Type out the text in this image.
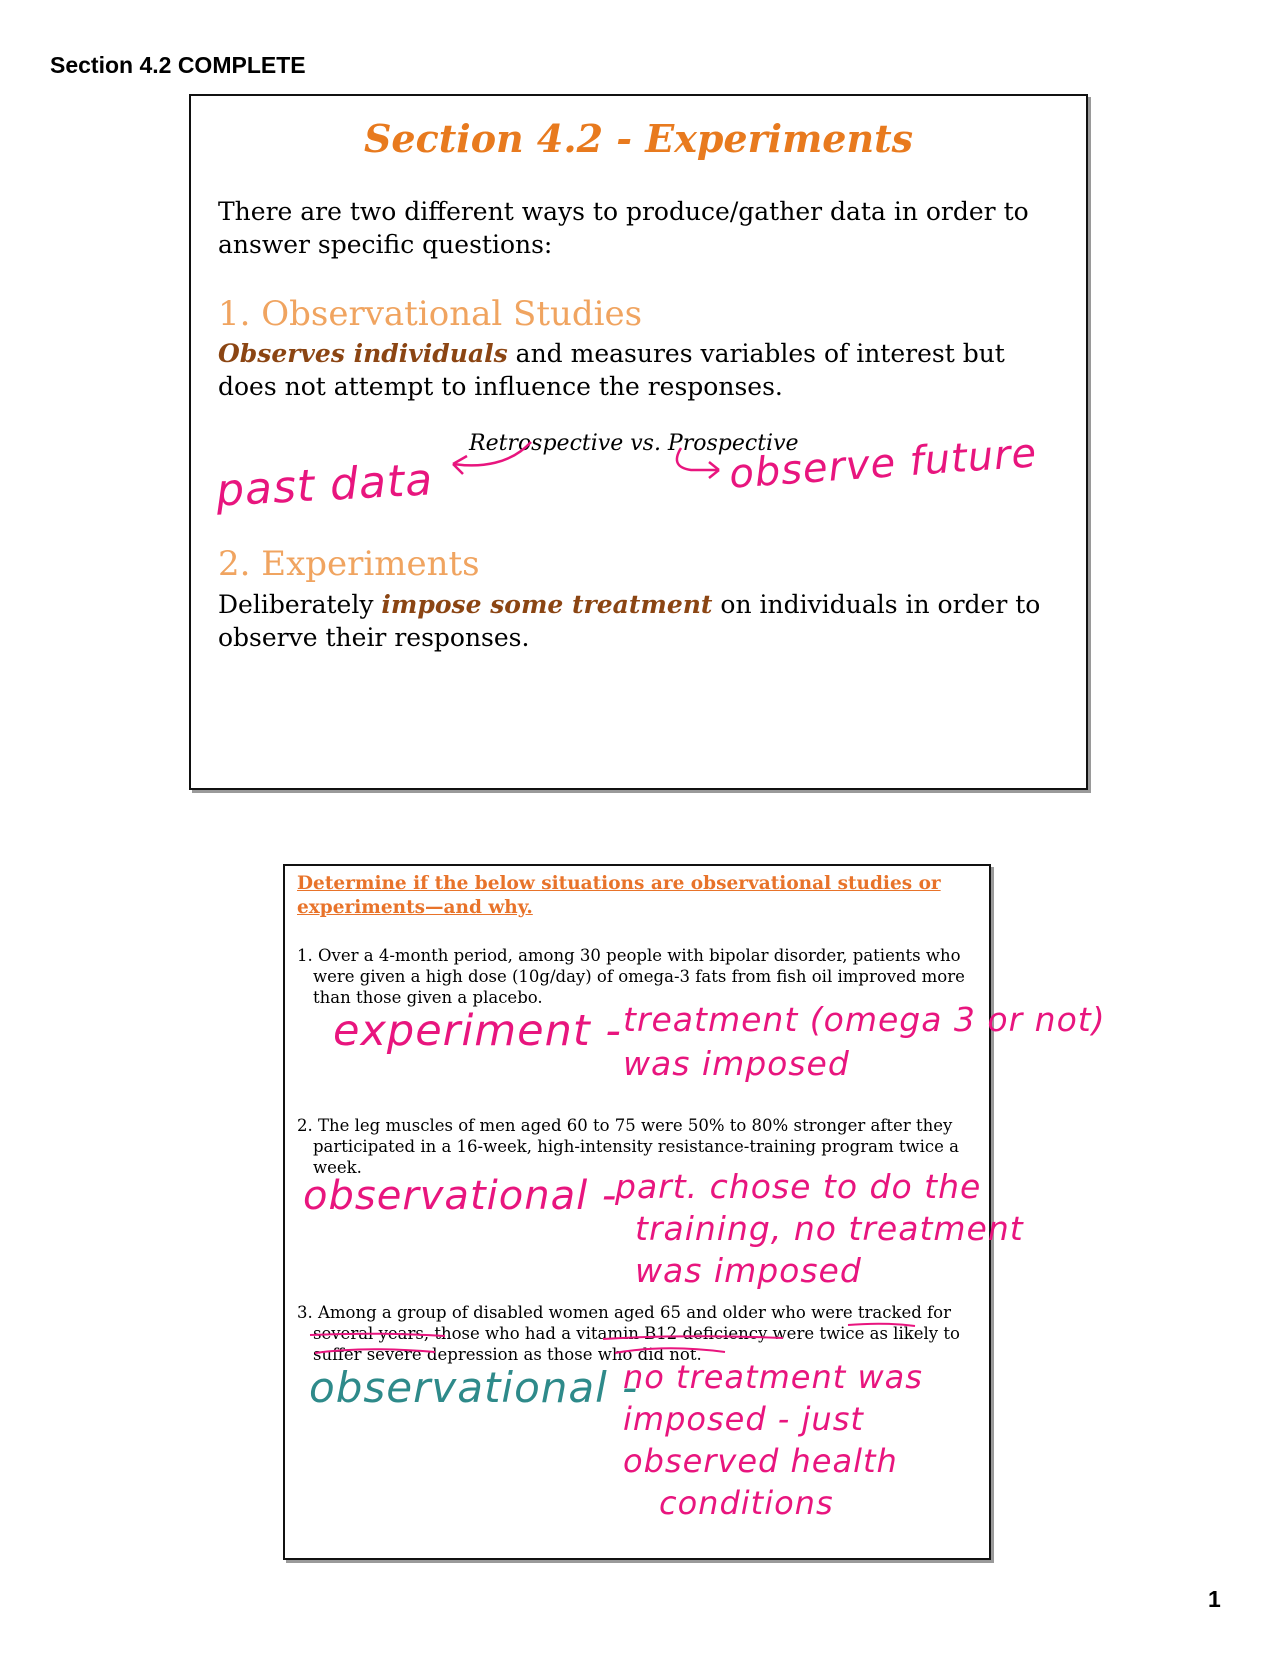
Section 4.2 COMPLETE
Section 4.2 - Experiments
There are two different ways to produce/gather data in order to answer specific questions:
1. Observational Studies
Observes individuals and measures variables of interest but does not attempt to influence the responses.
Retrospective vs. Prospective
past data	observe future
2. Experiments
Deliberately impose some treatment on individuals in order to observe their responses.
Determine if the below situations are observational studies or experiments—and why.
1. Over a 4-month period, among 30 people with bipolar disorder, patients who were given a high dose (10g/day) of omega-3 fats from fish oil improved more than those given a placebo.
experiment - treatment (omega 3 or not)
was imposed
2. The leg muscles of men aged 60 to 75 were 50% to 80% stronger after they participated in a 16-week, high-intensity resistance-training program twice a week.
observational -
part. chose to do the
training, no treatment
was imposed
3. Among a group of disabled women aged 65 and older who were tracked for several years, those who had a vitamin B12 deficiency were twice as likely to suffer severe depression as those who did not.
observational -
no treatment was
imposed - just
observed health
conditions
1
